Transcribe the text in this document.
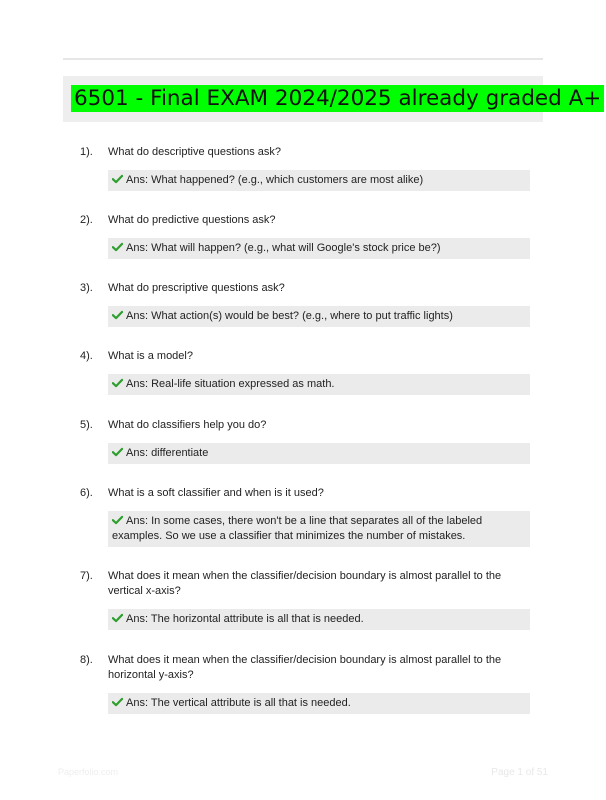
6501 - Final EXAM 2024/2025 already graded A+
1). What do descriptive questions ask?
Ans: What happened? (e.g., which customers are most alike)
2). What do predictive questions ask?
Ans: What will happen? (e.g., what will Google's stock price be?)
3). What do prescriptive questions ask?
Ans: What action(s) would be best? (e.g., where to put traffic lights)
4). What is a model?
Ans: Real-life situation expressed as math.
5). What do classifiers help you do?
Ans: differentiate
6). What is a soft classifier and when is it used?
Ans: In some cases, there won't be a line that separates all of the labeled examples. So we use a classifier that minimizes the number of mistakes.
7). What does it mean when the classifier/decision boundary is almost parallel to the vertical x-axis?
Ans: The horizontal attribute is all that is needed.
8). What does it mean when the classifier/decision boundary is almost parallel to the horizontal y-axis?
Ans: The vertical attribute is all that is needed.
Paperfolio.com	Page 1 of 51
